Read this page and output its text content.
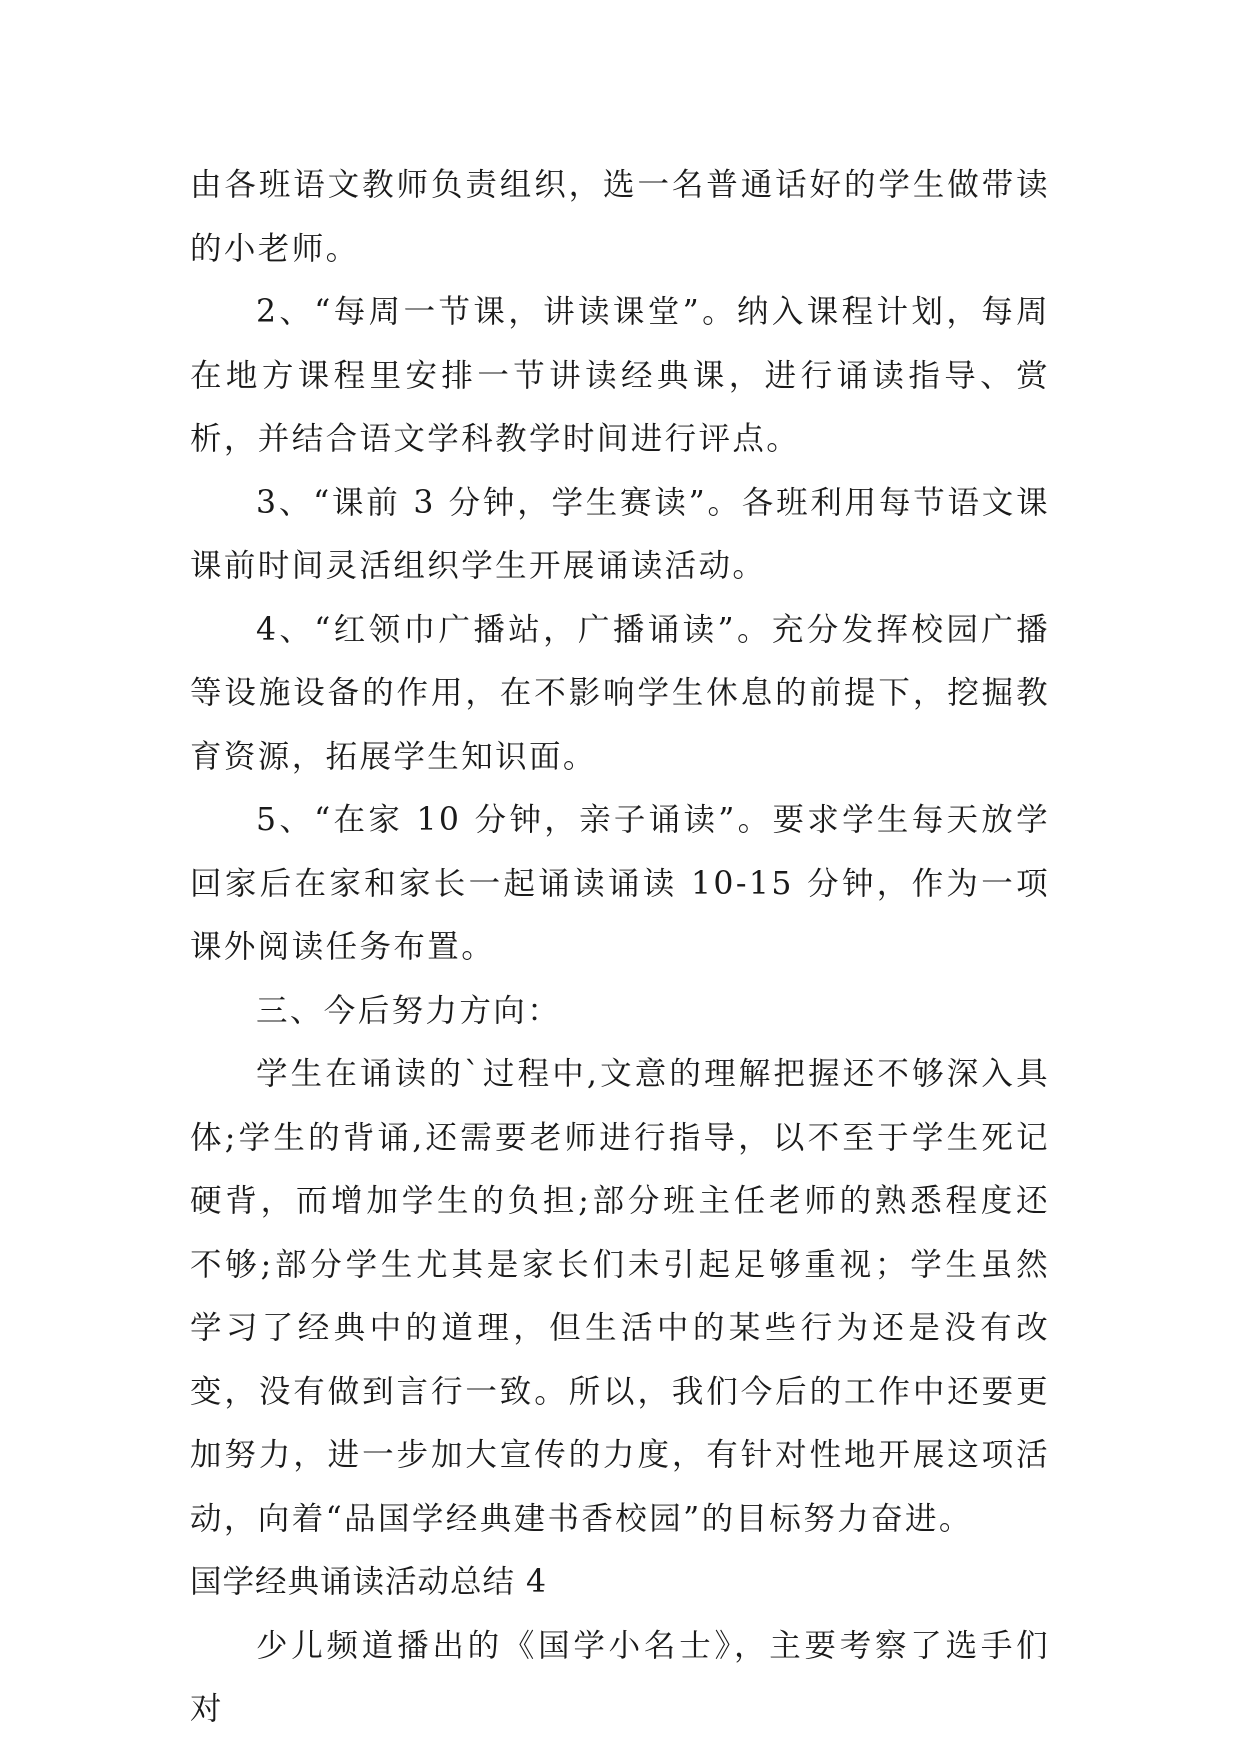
由各班语文教师负责组织，选一名普通话好的学生做带读的小老师。

2、“每周一节课，讲读课堂”。纳入课程计划，每周在地方课程里安排一节讲读经典课，进行诵读指导、赏析，并结合语文学科教学时间进行评点。

3、“课前 3 分钟，学生赛读”。各班利用每节语文课课前时间灵活组织学生开展诵读活动。

4、“红领巾广播站，广播诵读”。充分发挥校园广播等设施设备的作用，在不影响学生休息的前提下，挖掘教育资源，拓展学生知识面。

5、“在家 10 分钟，亲子诵读”。要求学生每天放学回家后在家和家长一起诵读诵读 10-15 分钟，作为一项课外阅读任务布置。

三、今后努力方向：

学生在诵读的`过程中,文意的理解把握还不够深入具体;学生的背诵,还需要老师进行指导，以不至于学生死记硬背，而增加学生的负担;部分班主任老师的熟悉程度还不够;部分学生尤其是家长们未引起足够重视；学生虽然学习了经典中的道理，但生活中的某些行为还是没有改变，没有做到言行一致。所以，我们今后的工作中还要更加努力，进一步加大宣传的力度，有针对性地开展这项活动，向着“品国学经典建书香校园”的目标努力奋进。

国学经典诵读活动总结 4

少儿频道播出的《国学小名士》，主要考察了选手们对
